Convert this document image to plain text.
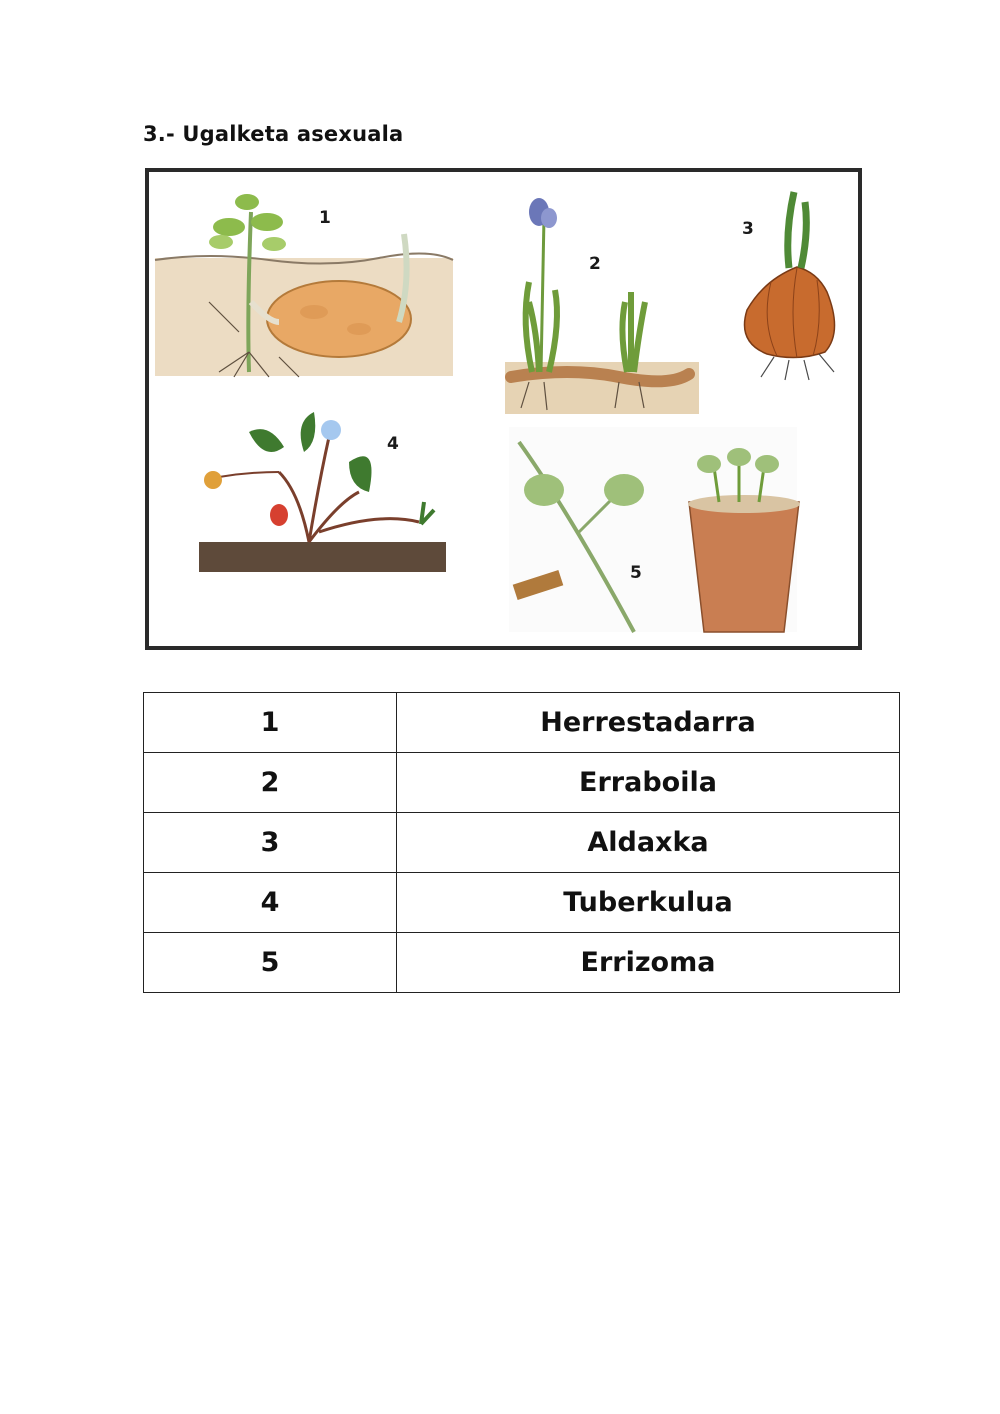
3.- Ugalketa asexuala
1
2
3
4
5
1	Herrestadarra
2	Erraboila
3	Aldaxka
4	Tuberkulua
5	Errizoma
